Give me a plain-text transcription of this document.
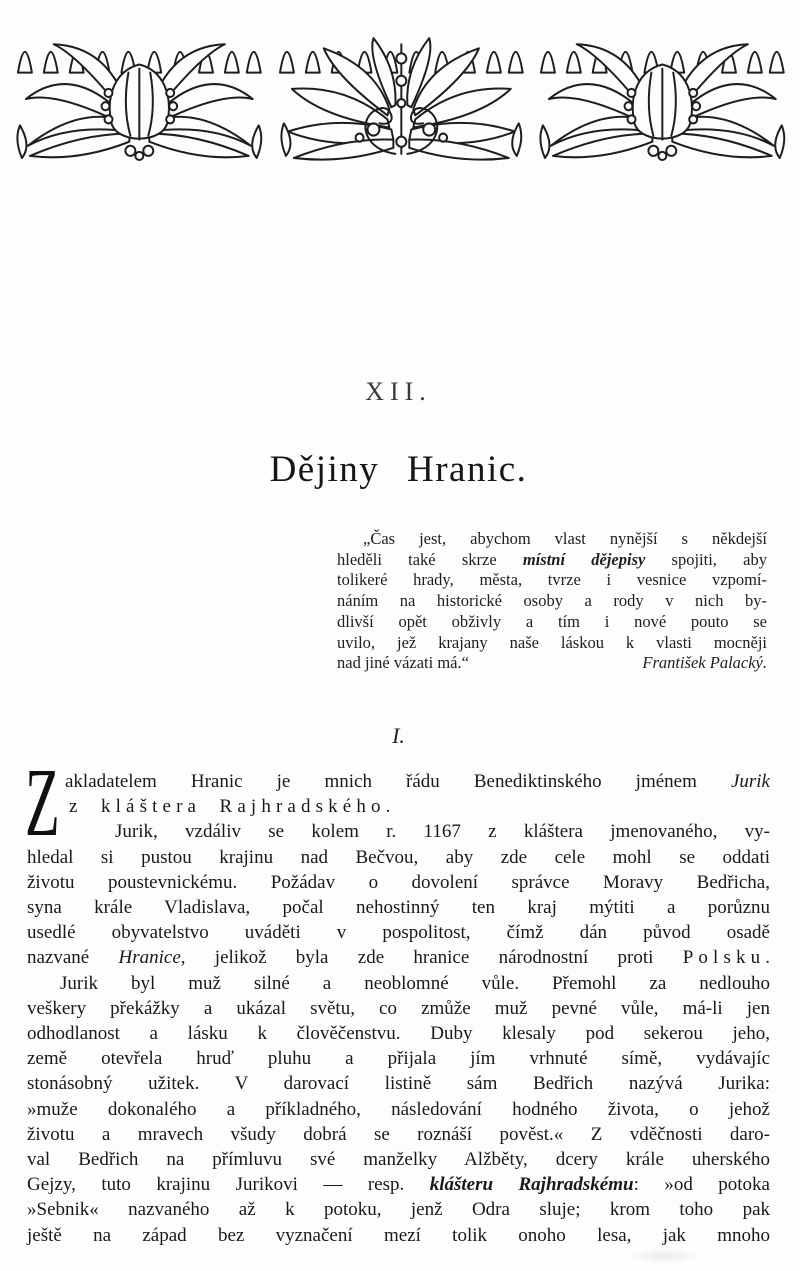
XII.
Dějiny Hranic.
„Čas jest, abychom vlast nynější s někdejší
hleděli také skrze místní dějepisy spojiti, aby
tolikeré hrady, města, tvrze i vesnice vzpomí-
náním na historické osoby a rody v nich by-
dlivší opět obživly a tím i nové pouto se
uvilo, jež krajany naše láskou k vlasti mocněji
nad jiné vázati má.“	František Palacký.
I.
Z akladatelem Hranic je mnich řádu Benediktinského jménem Jurik
z kláštera Rajhradského.
Jurik, vzdáliv se kolem r. 1167 z kláštera jmenovaného, vy-
hledal si pustou krajinu nad Bečvou, aby zde cele mohl se oddati
životu poustevnickému. Požádav o dovolení správce Moravy Bedřicha,
syna krále Vladislava, počal nehostinný ten kraj mýtiti a porůznu
usedlé obyvatelstvo uváděti v pospolitost, čímž dán původ osadě
nazvané Hranice, jelikož byla zde hranice národnostní proti Polsku.
Jurik byl muž silné a neoblomné vůle. Přemohl za nedlouho
veškery překážky a ukázal světu, co zmůže muž pevné vůle, má-li jen
odhodlanost a lásku k člověčenstvu. Duby klesaly pod sekerou jeho,
země otevřela hruď pluhu a přijala jím vrhnuté símě, vydávajíc
stonásobný užitek. V darovací listině sám Bedřich nazývá Jurika:
»muže dokonalého a příkladného, následování hodného života, o jehož
životu a mravech všudy dobrá se roznáší pověst.« Z vděčnosti daro-
val Bedřich na přímluvu své manželky Alžběty, dcery krále uherského
Gejzy, tuto krajinu Jurikovi — resp. klášteru Rajhradskému: »od potoka
»Sebnik« nazvaného až k potoku, jenž Odra sluje; krom toho pak
ještě na západ bez vyznačení mezí tolik onoho lesa, jak mnoho
